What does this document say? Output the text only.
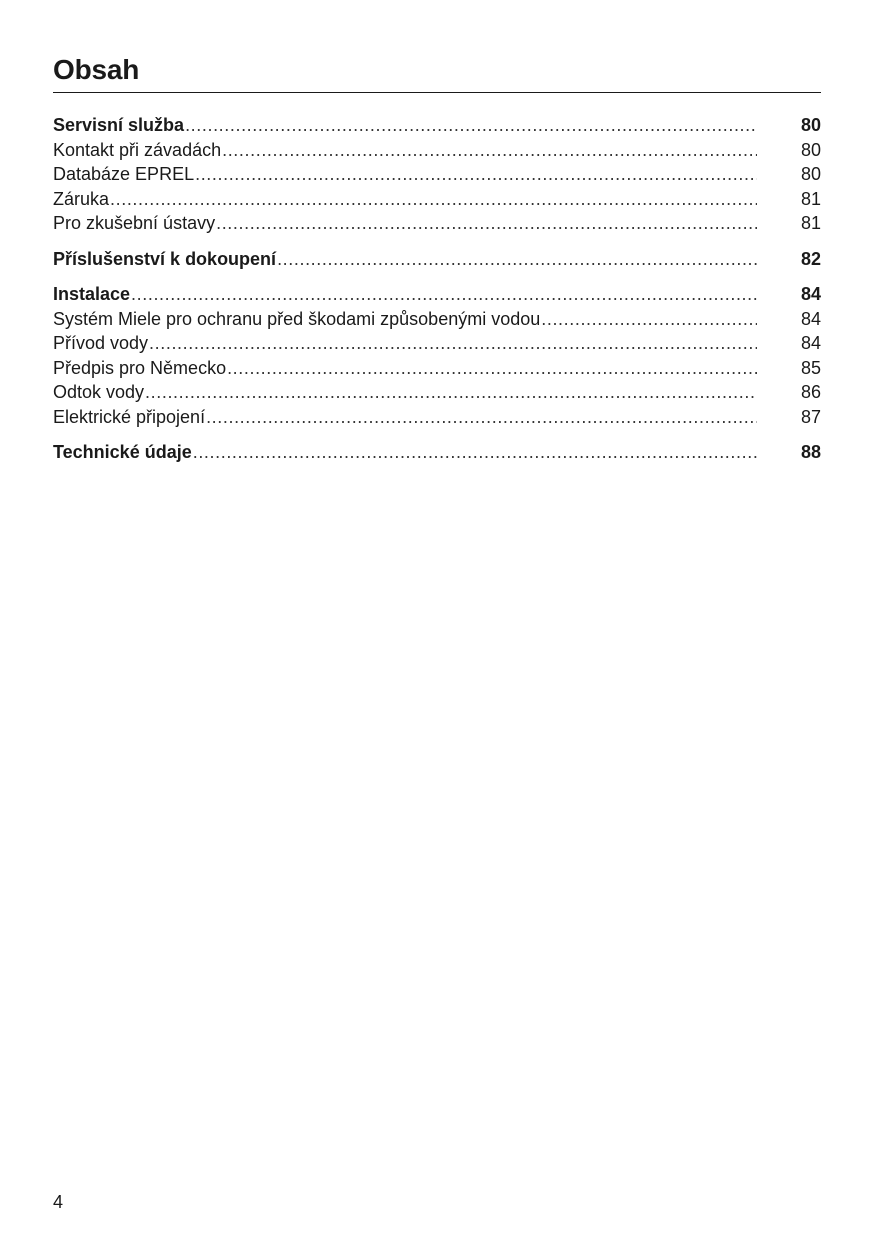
Obsah
Servisní služba .....	80
Kontakt při závadách .....	80
Databáze EPREL .....	80
Záruka .....	81
Pro zkušební ústavy .....	81
Příslušenství k dokoupení .....	82
Instalace .....	84
Systém Miele pro ochranu před škodami způsobenými vodou .....	84
Přívod vody .....	84
Předpis pro Německo .....	85
Odtok vody .....	86
Elektrické připojení .....	87
Technické údaje .....	88
4
